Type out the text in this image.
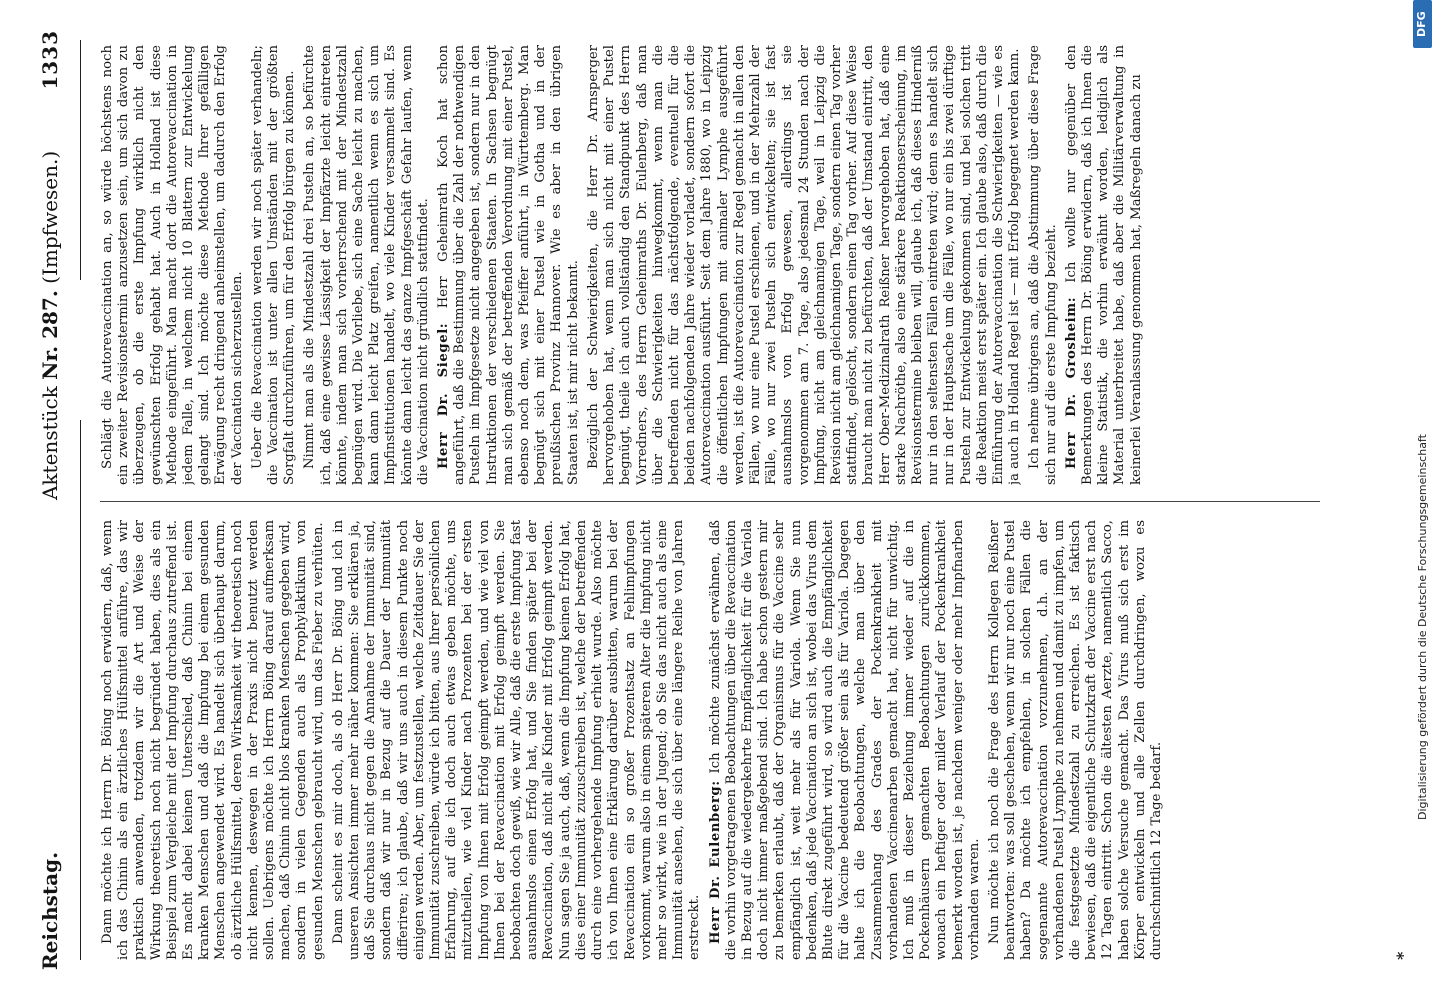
Reichstag.
Aktenstück Nr. 287. (Impfwesen.)
1333

Dann möchte ich Herrn Dr. Böing noch erwidern, daß, wenn ich das Chinin als ein ärztliches Hülfsmittel anführe, das wir praktisch anwenden, trotzdem wir die Art und Weise der Wirkung theoretisch noch nicht begründet haben, dies als ein Beispiel zum Vergleiche mit der Impfung durchaus zutreffend ist. Es macht dabei keinen Unterschied, daß Chinin bei einem kranken Menschen und daß die Impfung bei einem gesunden Menschen angewendet wird. Es handelt sich überhaupt darum, ob ärztliche Hülfsmittel, deren Wirksamkeit wir theoretisch noch nicht kennen, deswegen in der Praxis nicht benutzt werden sollen. Uebrigens möchte ich Herrn Böing darauf aufmerksam machen, daß Chinin nicht blos kranken Menschen gegeben wird, sondern in vielen Gegenden auch als Prophylaktikum von gesunden Menschen gebraucht wird, um das Fieber zu verhüten. Dann scheint es mir doch, als ob Herr Dr. Böing und ich in unseren Ansichten immer mehr näher kommen: Sie erklären ja, daß Sie durchaus nicht gegen die Annahme der Immunität sind, sondern daß wir nur in Bezug auf die Dauer der Immunität differiren; ich glaube, daß wir uns auch in diesem Punkte noch einigen werden. Aber, um festzustellen, welche Zeitdauer Sie der Immunität zuschreiben, würde ich bitten, aus Ihrer persönlichen Erfahrung, auf die ich doch auch etwas geben möchte, uns mitzutheilen, wie viel Kinder nach Prozenten bei der ersten Impfung von Ihnen mit Erfolg geimpft werden, und wie viel von Ihnen bei der Revaccination mit Erfolg geimpft werden. Sie beobachten doch gewiß, wie wir Alle, daß die erste Impfung fast ausnahmslos einen Erfolg hat, und Sie finden später bei der Revaccination, daß nicht alle Kinder mit Erfolg geimpft werden. Nun sagen Sie ja auch, daß, wenn die Impfung keinen Erfolg hat, dies einer Immunität zuzuschreiben ist, welche der betreffenden durch eine vorhergehende Impfung erhielt wurde. Also möchte ich von Ihnen eine Erklärung darüber ausbitten, warum bei der Revaccination ein so großer Prozentsatz an Fehlimpfungen vorkommt, warum also in einem späteren Alter die Impfung nicht mehr so wirkt, wie in der Jugend; ob Sie das nicht auch als eine Immunität ansehen, die sich über eine längere Reihe von Jahren erstreckt. Herr Dr. Eulenberg: Ich möchte zunächst erwähnen, daß die vorhin vorgetragenen Beobachtungen über die Revaccination in Bezug auf die wiedergekehrte Empfänglichkeit für die Variola doch nicht immer maßgebend sind. Ich habe schon gestern mir zu bemerken erlaubt, daß der Organismus für die Vaccine sehr empfänglich ist, weit mehr als für Variola. Wenn Sie nun bedenken, daß jede Vaccination an sich ist, wobei das Virus dem Blute direkt zugeführt wird, so wird auch die Empfänglichkeit für die Vaccine bedeutend größer sein als für Variola. Dagegen halte ich die Beobachtungen, welche man über den Zusammenhang des Grades der Pockenkrankheit mit vorhandenen Vaccinenarben gemacht hat, nicht für unwichtig. Ich muß in dieser Beziehung immer wieder auf die in Pockenhäusern gemachten Beobachtungen zurückkommen, wonach ein heftiger oder milder Verlauf der Pockenkrankheit bemerkt worden ist, je nachdem weniger oder mehr Impfnarben vorhanden waren. Nun möchte ich noch die Frage des Herrn Kollegen Reißner beantworten: was soll geschehen, wenn wir nur noch eine Pustel haben? Da möchte ich empfehlen, in solchen Fällen die sogenannte Autorevaccination vorzunehmen, d.h. an der vorhandenen Pustel Lymphe zu nehmen und damit zu impfen, um die festgesetzte Mindestzahl zu erreichen. Es ist faktisch bewiesen, daß die eigentliche Schutzkraft der Vaccine erst nach 12 Tagen eintritt. Schon die ältesten Aerzte, namentlich Sacco, haben solche Versuche gemacht. Das Virus muß sich erst im Körper entwickeln und alle Zellen durchdringen, wozu es durchschnittlich 12 Tage bedarf.

Schlägt die Autorevaccination an, so würde höchstens noch ein zweiter Revisionstermin anzusetzen sein, um sich davon zu überzeugen, ob die erste Impfung wirklich nicht den gewünschten Erfolg gehabt hat. Auch in Holland ist diese Methode eingeführt. Man macht dort die Autorevaccination in jedem Falle, in welchem nicht 10 Blattern zur Entwickelung gelangt sind. Ich möchte diese Methode Ihrer gefälligen Erwägung recht dringend anheimstellen, um dadurch den Erfolg der Vaccination sicherzustellen. Ueber die Revaccination werden wir noch später verhandeln; die Vaccination ist unter allen Umständen mit der größten Sorgfalt durchzuführen, um für den Erfolg bürgen zu können. Nimmt man als die Mindestzahl drei Pusteln an, so befürchte ich, daß eine gewisse Lässigkeit der Impfärzte leicht eintreten könnte, indem man sich vorherrschend mit der Mindestzahl begnügen wird. Die Vorliebe, sich eine Sache leicht zu machen, kann dann leicht Platz greifen, namentlich wenn es sich um Impfinstitutionen handelt, wo viele Kinder versammelt sind. Es könnte dann leicht das ganze Impfgeschäft Gefahr laufen, wenn die Vaccination nicht gründlich stattfindet. Herr Dr. Siegel: Herr Geheimrath Koch hat schon angeführt, daß die Bestimmung über die Zahl der nothwendigen Pusteln im Impfgesetze nicht angegeben ist, sondern nur in den Instruktionen der verschiedenen Staaten. In Sachsen begnügt man sich gemäß der betreffenden Verordnung mit einer Pustel, ebenso noch dem, was Pfeiffer anführt, in Württemberg. Man begnügt sich mit einer Pustel wie in Gotha und in der preußischen Provinz Hannover. Wie es aber in den übrigen Staaten ist, ist mir nicht bekannt. Bezüglich der Schwierigkeiten, die Herr Dr. Arnsperger hervorgehoben hat, wenn man sich nicht mit einer Pustel begnügt, theile ich auch vollständig den Standpunkt des Herrn Vorredners, des Herrn Geheimraths Dr. Eulenberg, daß man über die Schwierigkeiten hinwegkommt, wenn man die betreffenden nicht für das nächstfolgende, eventuell für die beiden nachfolgenden Jahre wieder vorladet, sondern sofort die Autorevaccination ausführt. Seit dem Jahre 1880, wo in Leipzig die öffentlichen Impfungen mit animaler Lymphe ausgeführt werden, ist die Autorevaccination zur Regel gemacht in allen den Fällen, wo nur eine Pustel erschienen, und in der Mehrzahl der Fälle, wo nur zwei Pusteln sich entwickelten; sie ist fast ausnahmslos von Erfolg gewesen, allerdings ist sie vorgenommen am 7. Tage, also jedesmal 24 Stunden nach der Impfung, nicht am gleichnamigen Tage, weil in Leipzig die Revision nicht am gleichnamigen Tage, sondern einen Tag vorher stattfindet, gelöscht, sondern einen Tag vorher. Auf diese Weise braucht man nicht zu befürchten, daß der Umstand eintritt, den Herr Ober-Medizinalrath Reißner hervorgehoben hat, daß eine starke Nachröthe, also eine stärkere Reaktionserscheinung, im Revisionstermine bleiben will, glaube ich, daß dieses Hinderniß nur in den seltensten Fällen eintreten wird; denn es handelt sich nur in der Hauptsache um die Fälle, wo nur ein bis zwei dürftige Pusteln zur Entwickelung gekommen sind, und bei solchen tritt die Reaktion meist erst später ein. Ich glaube also, daß durch die Einführung der Autorevaccination die Schwierigkeiten — wie es ja auch in Holland Regel ist — mit Erfolg begegnet werden kann. Ich nehme übrigens an, daß die Abstimmung über diese Frage sich nur auf die erste Impfung bezieht. Herr Dr. Grosheim: Ich wollte nur gegenüber den Bemerkungen des Herrn Dr. Böing erwidern, daß ich Ihnen die kleine Statistik, die vorhin erwähnt worden, lediglich als Material unterbreitet habe, daß aber die Militärverwaltung in keinerlei Veranlassung genommen hat, Maßregeln danach zu

*
DFG
Digitalisierung gefördert durch die Deutsche Forschungsgemeinschaft
